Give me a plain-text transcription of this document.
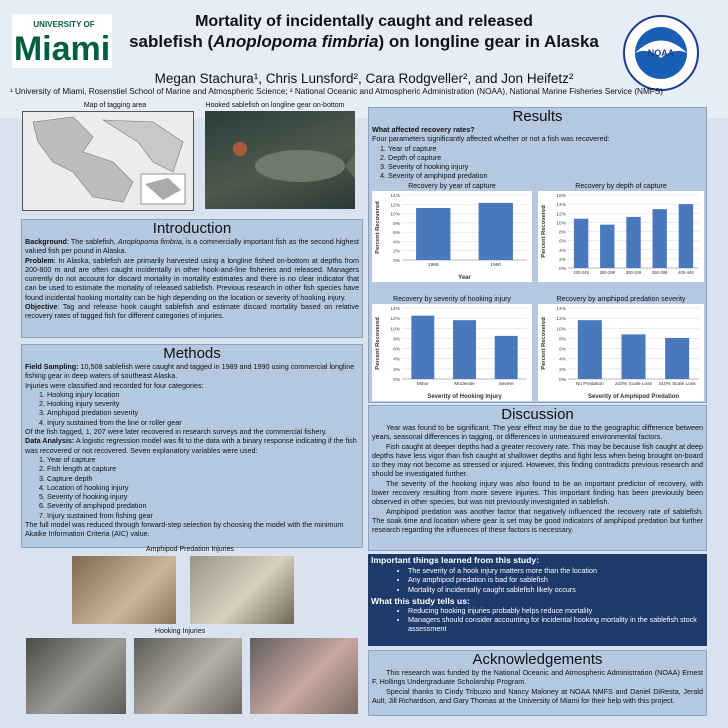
UNIVERSITY OF
Miami
Mortality of incidentally caught and released
sablefish (Anoplopoma fimbria) on longline gear in Alaska
NOAA
Megan Stachura¹, Chris Lunsford², Cara Rodgveller², and Jon Heifetz²
¹ University of Miami, Rosenstiel School of Marine and Atmospheric Science; ² National Oceanic and Atmospheric Administration (NOAA), National Marine Fisheries Service (NMFS)
Map of tagging area	Hooked sablefish on longline gear on-bottom
Introduction

Background: The sablefish, Anoplopoma fimbria, is a commercially important fish as the second highest valued fish per pound in Alaska.

Problem: In Alaska, sablefish are primarily harvested using a longline fished on-bottom at depths from 200-800 m and are often caught incidentally in other hook-and-line fisheries and released. Managers currently do not account for discard mortality in mortality estimates and there is no clear indicator that can be used to estimate the mortality of released sablefish. Previous research in other fish species have found incidental hooking mortality can be high depending on the location or severity of hooking injury.

Objective: Tag and release hook caught sablefish and estimate discard mortality based on relative recovery rates of tagged fish for different categories of injuries.

Methods

Field Sampling: 10,508 sablefish were caught and tagged in 1989 and 1990 using commercial longline fishing gear in deep waters of southeast Alaska.

Injuries were classified and recorded for four categories:

1. Hooking injury location
2. Hooking injury severity
3. Amphipod predation severity
4. Injury sustained from the line or roller gear

Of the fish tagged, 1, 207 were later recovered in research surveys and the commercial fishery.

Data Analysis: A logistic regression model was fit to the data with a binary response indicating if the fish was recovered or not recovered. Seven explanatory variables were used:

1. Year of capture
2. Fish length at capture
3. Capture depth
4. Location of hooking injury
5. Severity of hooking injury
6. Severity of amphipod predation
7. Injury sustained from fishing gear

The full model was reduced through forward-step selection by choosing the model with the minimum Akaike Information Criteria (AIC) value.

Amphipod Predation Injuries
Hooking Injuries
Results

What affected recovery rates?

Four parameters significantly affected whether or not a fish was recovered:

1. Year of capture
2. Depth of capture
3. Severity of hooking injury
4. Severity of amphipod predation
Recovery by year of capture
0%
2%
4%
6%
8%
10%
12%
14%
Percent Recovered
1989	1990
Year
Recovery by depth of capture
0%
2%
4%
6%
8%
10%
12%
14%
16%
Percent Recovered
200-249	250-299	300-349	350-399	400-449
Recovery by severity of hooking injury
0%
2%
4%
6%
8%
10%
12%
14%
Percent Recovered
Minor	Moderate	Severe
Severity of Hooking Injury
Recovery by amphipod predation severity
0%
2%
4%
6%
8%
10%
12%
14%
Percent Recovered
No Predation ≥10% Scale Loss ≥10% Scale Loss
Severity of Amphipod Predation
Discussion

Year was found to be significant. The year effect may be due to the geographic difference between years, seasonal differences in tagging, or differences in unmeasured environmental factors.

Fish caught at deeper depths had a greater recovery rate. This may be because fish caught at deep depths have less vigor than fish caught at shallower depths and fight less when being brought on-board so they may not become as stressed or injured. However, this finding contradicts previous research and should be investigated further.

The severity of the hooking injury was also found to be an important predictor of recovery, with lower recovery resulting from more severe injuries. This important finding has been previously been observed in other species, but was not previously investigated in sablefish.

Amphipod predation was another factor that negatively influenced the recovery rate of sablefish. The soak time and location where gear is set may be good indicators of amphipod predation but further research regarding the influences of these factors is necessary.

Important things learned from this study:
• The severity of a hook injury matters more than the location
• Any amphipod predation is bad for sablefish
• Mortality of incidentally caught sablefish likely occurs
What this study tells us:
• Reducing hooking injuries probably helps reduce mortality
• Managers should consider accounting for incidental hooking mortality in the sablefish stock assessment
Acknowledgements

This research was funded by the National Oceanic and Atmospheric Administration (NOAA) Ernest F. Hollings Undergraduate Scholarship Program.

Special thanks to Cindy Tribuzio and Nancy Maloney at NOAA NMFS and Daniel DiResta, Jerald Ault, Jill Richardson, and Gary Thomas at the University of Miami for their help with this project.
